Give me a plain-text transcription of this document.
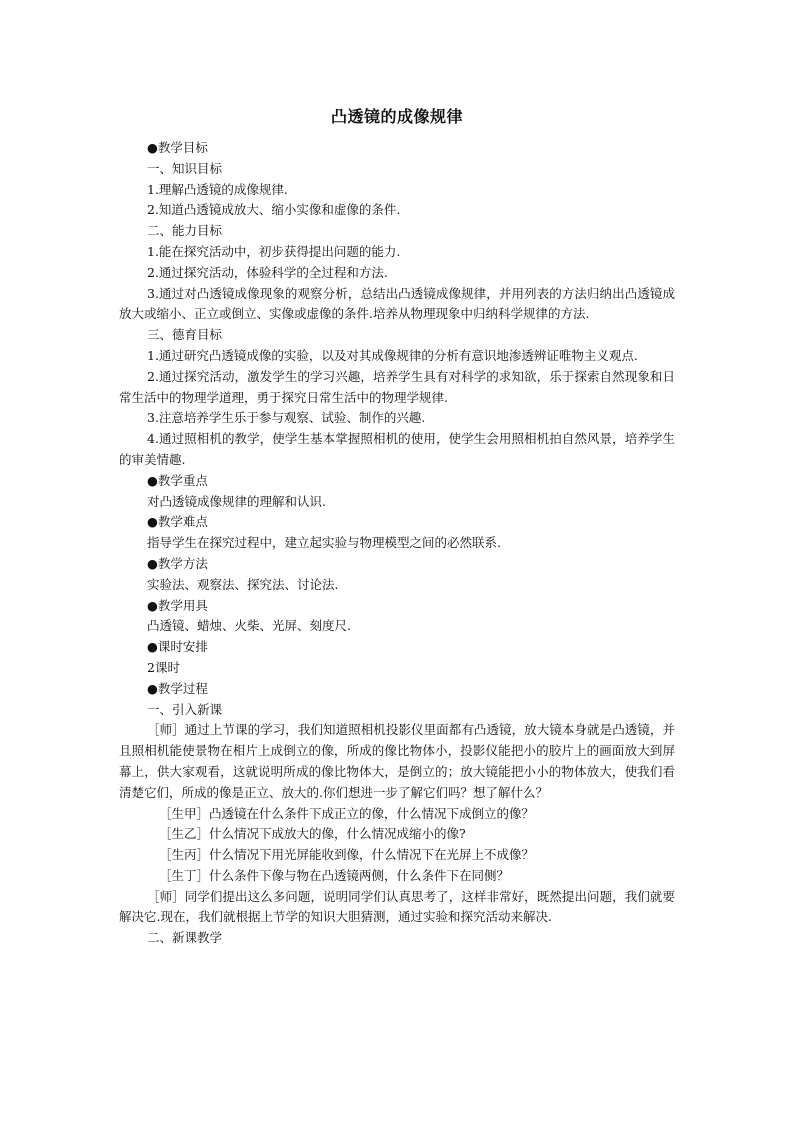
凸透镜的成像规律

●教学目标

一、知识目标

1.理解凸透镜的成像规律.

2.知道凸透镜成放大、缩小实像和虚像的条件.

二、能力目标

1.能在探究活动中，初步获得提出问题的能力.

2.通过探究活动，体验科学的全过程和方法.

3.通过对凸透镜成像现象的观察分析，总结出凸透镜成像规律，并用列表的方法归纳出凸透镜成放大或缩小、正立或倒立、实像或虚像的条件.培养从物理现象中归纳科学规律的方法.

三、德育目标

1.通过研究凸透镜成像的实验，以及对其成像规律的分析有意识地渗透辨证唯物主义观点.

2.通过探究活动，激发学生的学习兴趣，培养学生具有对科学的求知欲，乐于探索自然现象和日常生活中的物理学道理，勇于探究日常生活中的物理学规律.

3.注意培养学生乐于参与观察、试验、制作的兴趣.

4.通过照相机的教学，使学生基本掌握照相机的使用，使学生会用照相机拍自然风景，培养学生的审美情趣.

●教学重点

对凸透镜成像规律的理解和认识.

●教学难点

指导学生在探究过程中，建立起实验与物理模型之间的必然联系.

●教学方法

实验法、观察法、探究法、讨论法.

●教学用具

凸透镜、蜡烛、火柴、光屏、刻度尺.

●课时安排

2课时

●教学过程

一、引入新课

［师］通过上节课的学习，我们知道照相机投影仪里面都有凸透镜，放大镜本身就是凸透镜，并且照相机能使景物在相片上成倒立的像，所成的像比物体小，投影仪能把小的胶片上的画面放大到屏幕上，供大家观看，这就说明所成的像比物体大，是倒立的；放大镜能把小小的物体放大，使我们看清楚它们，所成的像是正立、放大的.你们想进一步了解它们吗？想了解什么？

［生甲］凸透镜在什么条件下成正立的像，什么情况下成倒立的像？

［生乙］什么情况下成放大的像，什么情况成缩小的像?

［生丙］什么情况下用光屏能收到像，什么情况下在光屏上不成像？

［生丁］什么条件下像与物在凸透镜两侧，什么条件下在同侧？

［师］同学们提出这么多问题，说明同学们认真思考了，这样非常好，既然提出问题，我们就要解决它.现在，我们就根据上节学的知识大胆猜测，通过实验和探究活动来解决.

二、新课教学
